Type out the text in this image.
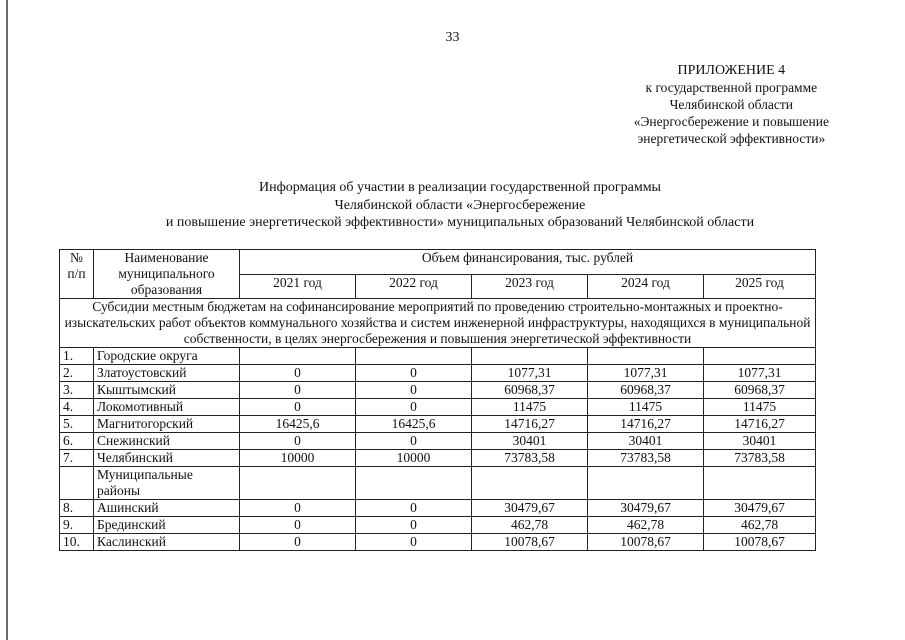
33
ПРИЛОЖЕНИЕ 4
к государственной программе
Челябинской области
«Энергосбережение и повышение
энергетической эффективности»
Информация об участии в реализации государственной программы
Челябинской области «Энергосбережение
и повышение энергетической эффективности» муниципальных образований Челябинской области
№ п/п	Наименование муниципального образования	Объем финансирования, тыс. рублей				
		2021 год	2022 год	2023 год	2024 год	2025 год
Субсидии местным бюджетам на софинансирование мероприятий по проведению строительно-монтажных и проектно-изыскательских работ объектов коммунального хозяйства и систем инженерной инфраструктуры, находящихся в муниципальной собственности, в целях энергосбережения и повышения энергетической эффективности						
1.	Городские округа					
2.	Златоустовский	0	0	1077,31	1077,31	1077,31
3.	Кыштымский	0	0	60968,37	60968,37	60968,37
4.	Локомотивный	0	0	11475	11475	11475
5.	Магнитогорский	16425,6	16425,6	14716,27	14716,27	14716,27
6.	Снежинский	0	0	30401	30401	30401
7.	Челябинский	10000	10000	73783,58	73783,58	73783,58
	Муниципальные районы					
8.	Ашинский	0	0	30479,67	30479,67	30479,67
9.	Брединский	0	0	462,78	462,78	462,78
10.	Каслинский	0	0	10078,67	10078,67	10078,67
